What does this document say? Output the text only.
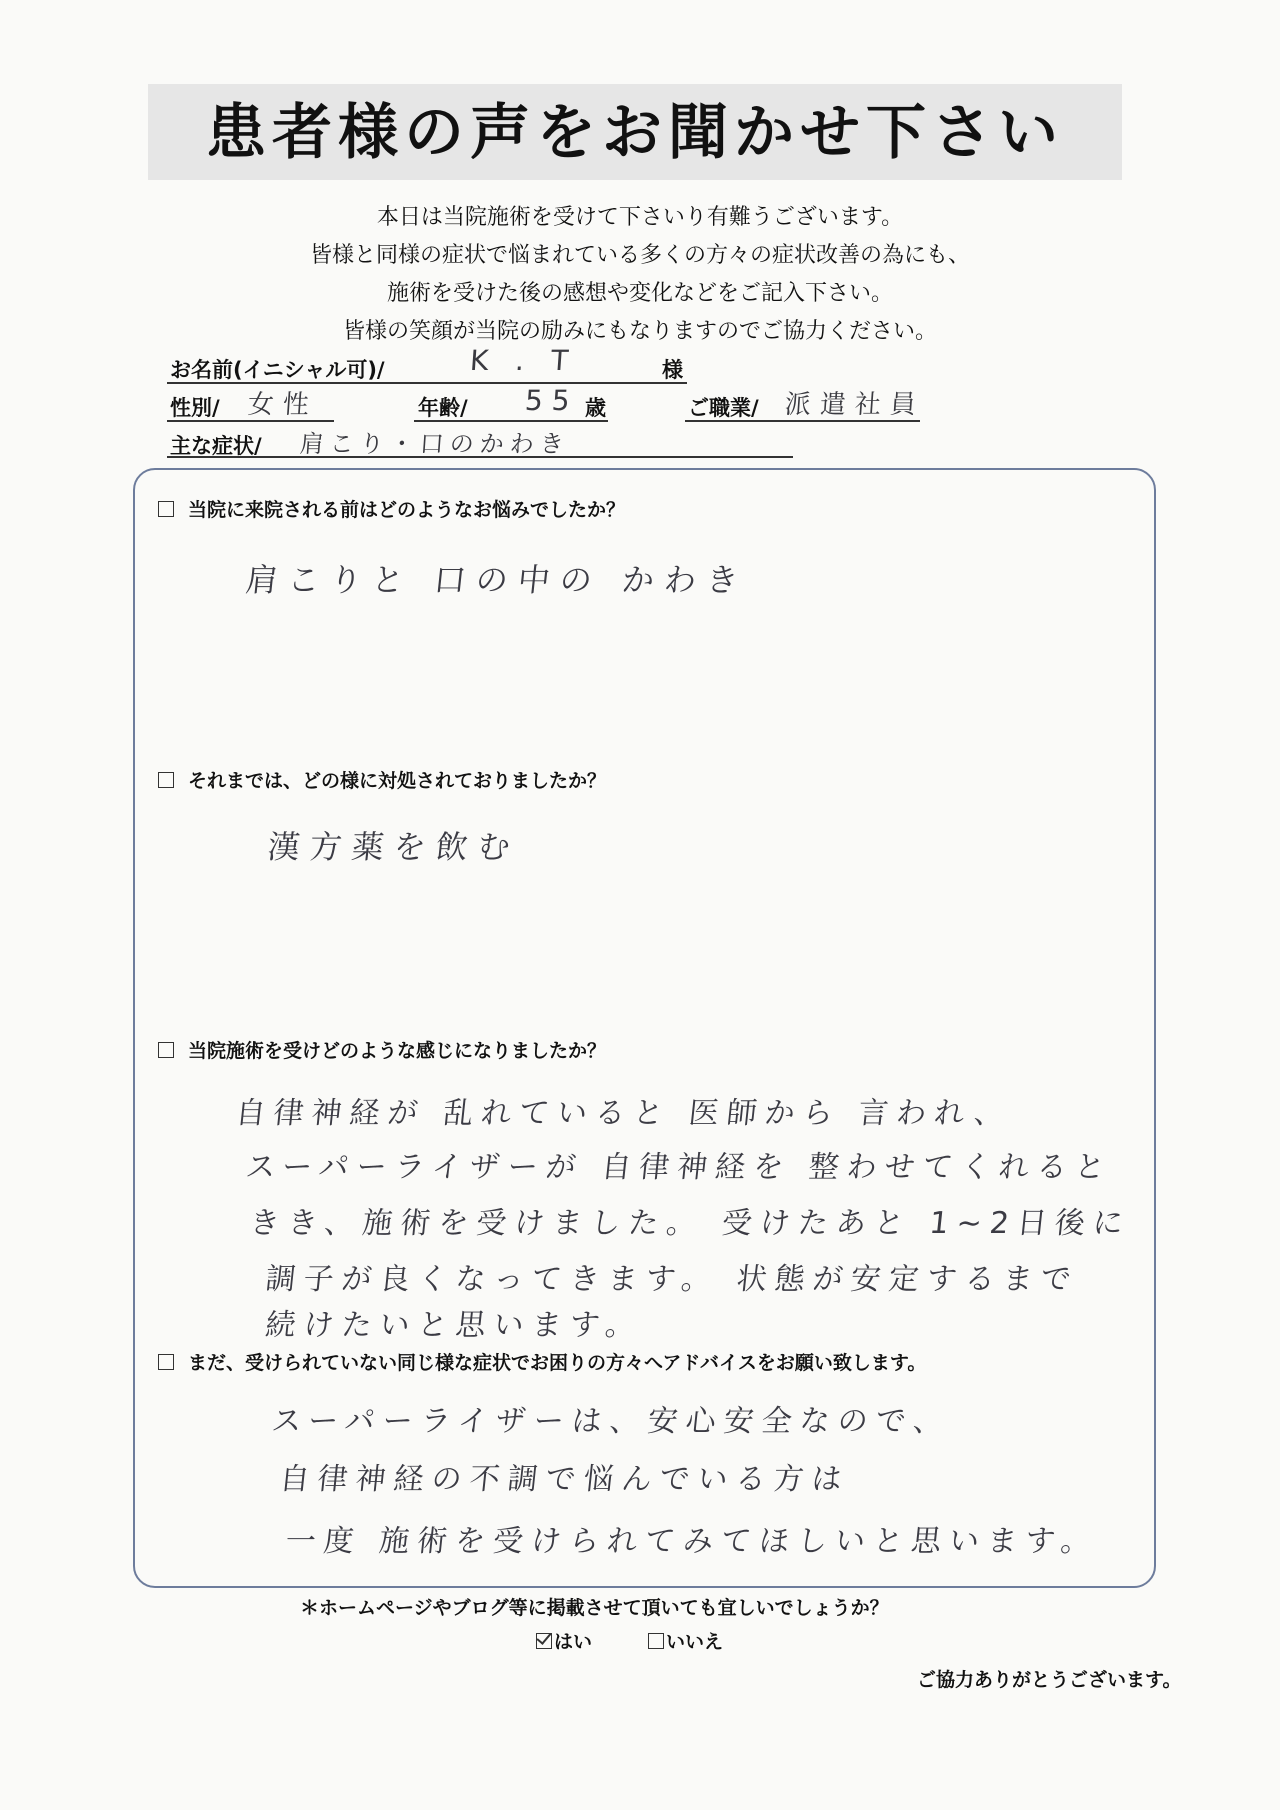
患者様の声をお聞かせ下さい
本日は当院施術を受けて下さいり有難うございます。
皆様と同様の症状で悩まれている多くの方々の症状改善の為にも、
施術を受けた後の感想や変化などをご記入下さい。
皆様の笑顔が当院の励みにもなりますのでご協力ください。
お名前(イニシャル可)/	K . T	様
性別/ 女性	年齢/ 55 歳	ご職業/ 派遣社員
主な症状/ 肩こり・口のかわき
当院に来院される前はどのようなお悩みでしたか？
肩こりと 口の中の かわき
それまでは、どの様に対処されておりましたか？
漢方薬を飲む
当院施術を受けどのような感じになりましたか？
自律神経が 乱れていると 医師から 言われ、
スーパーライザーが 自律神経を 整わせてくれると
きき、施術を受けました。 受けたあと 1~2日後に
調子が良くなってきます。 状態が安定するまで
続けたいと思います。
まだ、受けられていない同じ様な症状でお困りの方々へアドバイスをお願い致します。
スーパーライザーは、安心安全なので、
自律神経の不調で悩んでいる方は
一度 施術を受けられてみてほしいと思います。
＊ホームページやブログ等に掲載させて頂いても宜しいでしょうか？
はい	いいえ
ご協力ありがとうございます。
